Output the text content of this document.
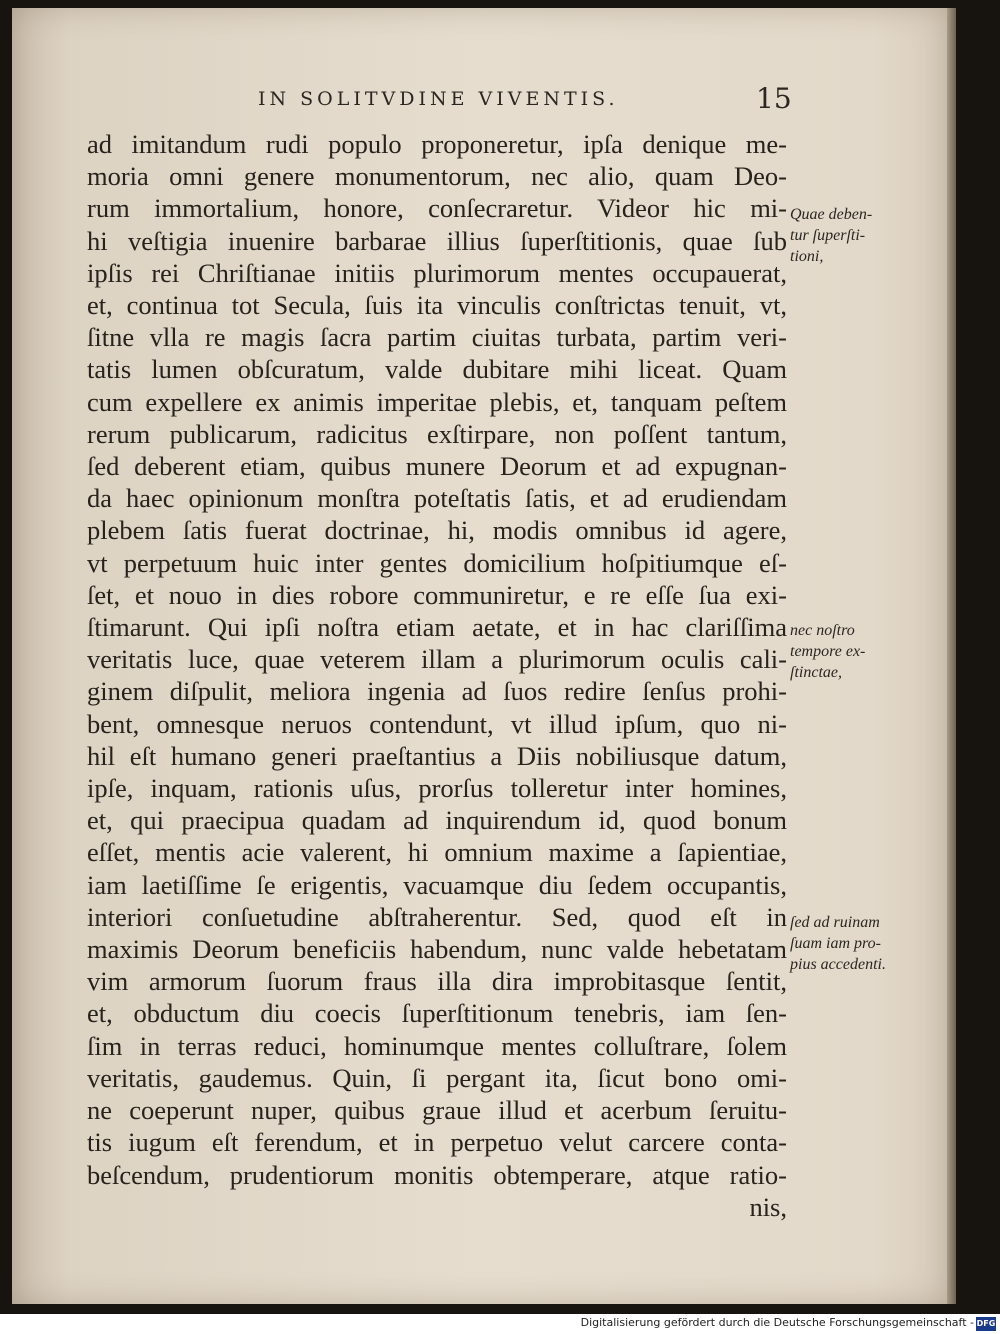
IN SOLITVDINE VIVENTIS.	15
ad imitandum rudi populo proponeretur, ipſa denique me-
moria omni genere monumentorum, nec alio, quam Deo-
rum immortalium, honore, conſecraretur. Videor hic mi-
hi veſtigia inuenire barbarae illius ſuperſtitionis, quae ſub
ipſis rei Chriſtianae initiis plurimorum mentes occupauerat,
et, continua tot Secula, ſuis ita vinculis conſtrictas tenuit, vt,
ſitne vlla re magis ſacra partim ciuitas turbata, partim veri-
tatis lumen obſcuratum, valde dubitare mihi liceat. Quam
cum expellere ex animis imperitae plebis, et, tanquam peſtem
rerum publicarum, radicitus exſtirpare, non poſſent tantum,
ſed deberent etiam, quibus munere Deorum et ad expugnan-
da haec opinionum monſtra poteſtatis ſatis, et ad erudiendam
plebem ſatis fuerat doctrinae, hi, modis omnibus id agere,
vt perpetuum huic inter gentes domicilium hoſpitiumque eſ-
ſet, et nouo in dies robore communiretur, e re eſſe ſua exi-
ſtimarunt. Qui ipſi noſtra etiam aetate, et in hac clariſſima
veritatis luce, quae veterem illam a plurimorum oculis cali-
ginem diſpulit, meliora ingenia ad ſuos redire ſenſus prohi-
bent, omnesque neruos contendunt, vt illud ipſum, quo ni-
hil eſt humano generi praeſtantius a Diis nobiliusque datum,
ipſe, inquam, rationis uſus, prorſus tolleretur inter homines,
et, qui praecipua quadam ad inquirendum id, quod bonum
eſſet, mentis acie valerent, hi omnium maxime a ſapientiae,
iam laetiſſime ſe erigentis, vacuamque diu ſedem occupantis,
interiori conſuetudine abſtraherentur. Sed, quod eſt in
maximis Deorum beneficiis habendum, nunc valde hebetatam
vim armorum ſuorum fraus illa dira improbitasque ſentit,
et, obductum diu coecis ſuperſtitionum tenebris, iam ſen-
ſim in terras reduci, hominumque mentes colluſtrare, ſolem
veritatis, gaudemus. Quin, ſi pergant ita, ſicut bono omi-
ne coeperunt nuper, quibus graue illud et acerbum ſeruitu-
tis iugum eſt ferendum, et in perpetuo velut carcere conta-
beſcendum, prudentiorum monitis obtemperare, atque ratio-
nis,
Quae deben-
tur ſuperſti-
tioni,
nec noſtro
tempore ex-
ſtinctae,
ſed ad ruinam
ſuam iam pro-
pius accedenti.
Digitalisierung gefördert durch die Deutsche Forschungsgemeinschaft - DFG
